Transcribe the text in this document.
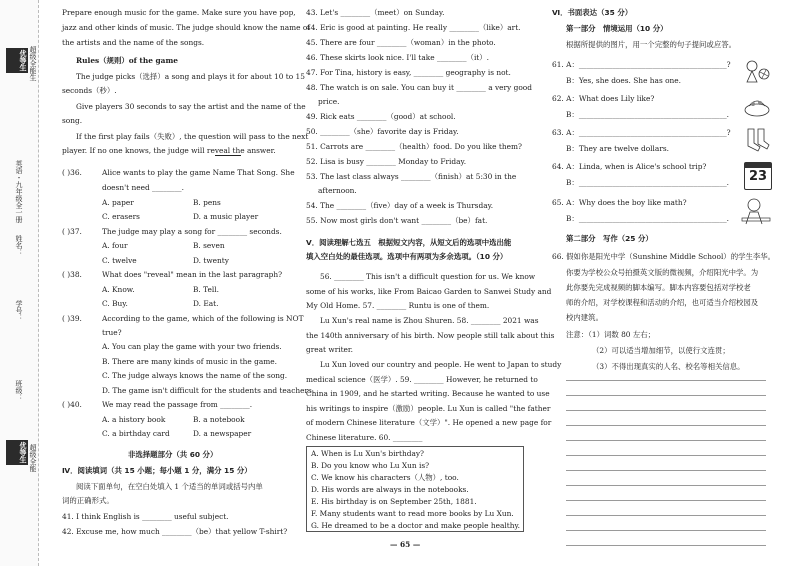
优等生 超级全能生
英语・九年级全一册
姓名：
学号：
班级：
优等生 超级全能
Prepare enough music for the game. Make sure you have pop,
jazz and other kinds of music. The judge should know the name of
the artists and the name of the songs.
Rules（规则）of the game
The judge picks（选择）a song and plays it for about 10 to 15
seconds（秒）.
Give players 30 seconds to say the artist and the name of the
song.
If the first play fails（失败）, the question will pass to the next
player. If no one knows, the judge will reveal the answer.
( )36.	Alice wants to play the game Name That Song. She
doesn't need ________.
A. paper	B. pens
C. erasers	D. a music player
( )37.	The judge may play a song for ________ seconds.
A. four	B. seven
C. twelve	D. twenty
( )38.	What does "reveal" mean in the last paragraph?
A. Know.	B. Tell.
C. Buy.	D. Eat.
( )39.	According to the game, which of the following is NOT
true?
A. You can play the game with your two friends.
B. There are many kinds of music in the game.
C. The judge always knows the name of the song.
D. The game isn't difficult for the students and teachers.
( )40.	We may read the passage from ________.
A. a history book	B. a notebook
C. a birthday card	D. a newspaper
非选择题部分（共 60 分）
Ⅳ．阅读填词（共 15 小题；每小题 1 分，满分 15 分）
阅读下面单句，在空白处填入 1 个适当的单词或括号内单
词的正确形式。
41. I think English is ________ useful subject.
42. Excuse me, how much ________（be）that yellow T-shirt?
43. Let's ________（meet）on Sunday.
44. Eric is good at painting. He really ________（like）art.
45. There are four ________（woman）in the photo.
46. These skirts look nice. I'll take ________（it）.
47. For Tina, history is easy, ________ geography is not.
48. The watch is on sale. You can buy it ________ a very good
price.
49. Rick eats ________（good）at school.
50. ________（she）favorite day is Friday.
51. Carrots are ________（health）food. Do you like them?
52. Lisa is busy ________ Monday to Friday.
53. The last class always ________（finish）at 5:30 in the
afternoon.
54. The ________（five）day of a week is Thursday.
55. Now most girls don't want ________（be）fat.
Ⅴ．阅读理解七选五　根据短文内容，从短文后的选项中选出能
填入空白处的最佳选项。选项中有两项为多余选项。（10 分）
56. ________ This isn't a difficult question for us. We know
some of his works, like From Baicao Garden to Sanwei Study and
My Old Home. 57. ________ Runtu is one of them.
Lu Xun's real name is Zhou Shuren. 58. ________ 2021 was
the 140th anniversary of his birth. Now people still talk about this
great writer.
Lu Xun loved our country and people. He went to Japan to study
medical science（医学）. 59. ________ However, he returned to
China in 1909, and he started writing. Because he wanted to use
his writings to inspire（激励）people. Lu Xun is called "the father
of modern Chinese literature（文学）". He opened a new page for
Chinese literature. 60. ________
A. When is Lu Xun's birthday?
B. Do you know who Lu Xun is?
C. We know his characters（人物）, too.
D. His words are always in the notebooks.
E. His birthday is on September 25th, 1881.
F. Many students want to read more books by Lu Xun.
G. He dreamed to be a doctor and make people healthy.
— 65 —
Ⅵ．书面表达（35 分）
第一部分　情境运用（10 分）
根据所提供的图片，用一个完整的句子提问或应答。
61. A：________________________________________?
B：Yes, she does. She has one.
62. A：What does Lily like?
B：________________________________________.
63. A：________________________________________?
B：They are twelve dollars.
64. A：Linda, when is Alice's school trip?
B：________________________________________.
65. A：Why does the boy like math?
B：________________________________________.
23
第二部分　写作（25 分）
66. 假如你是阳光中学（Sunshine Middle School）的学生李华。
你要为学校公众号拍摄英文版的微视频，介绍阳光中学。为
此你要先完成视频的脚本编写。脚本内容要包括对学校老
师的介绍，对学校课程和活动的介绍，也可适当介绍校园及
校内建筑。
注意：（1）词数 80 左右；
（2）可以适当增加细节，以使行文连贯；
（3）不得出现真实的人名、校名等相关信息。
